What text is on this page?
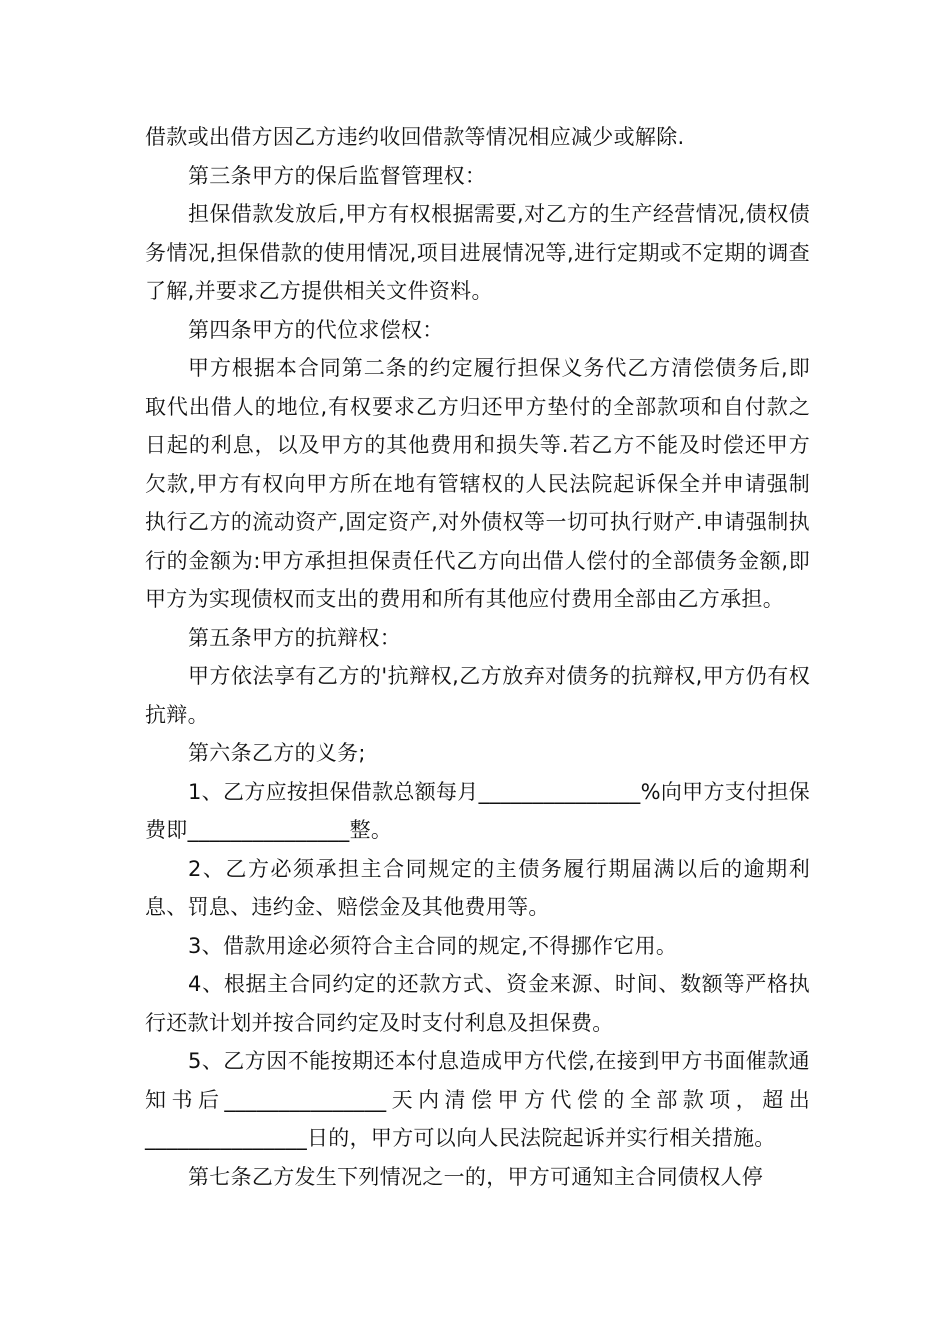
借款或出借方因乙方违约收回借款等情况相应减少或解除.

第三条甲方的保后监督管理权：

担保借款发放后,甲方有权根据需要,对乙方的生产经营情况,债权债务情况,担保借款的使用情况,项目进展情况等,进行定期或不定期的调查了解,并要求乙方提供相关文件资料。

第四条甲方的代位求偿权：

甲方根据本合同第二条的约定履行担保义务代乙方清偿债务后,即取代出借人的地位,有权要求乙方归还甲方垫付的全部款项和自付款之日起的利息，以及甲方的其他费用和损失等.若乙方不能及时偿还甲方欠款,甲方有权向甲方所在地有管辖权的人民法院起诉保全并申请强制执行乙方的流动资产,固定资产,对外债权等一切可执行财产.申请强制执行的金额为:甲方承担担保责任代乙方向出借人偿付的全部债务金额,即甲方为实现债权而支出的费用和所有其他应付费用全部由乙方承担。

第五条甲方的抗辩权：

甲方依法享有乙方的'抗辩权,乙方放弃对债务的抗辩权,甲方仍有权抗辩。

第六条乙方的义务;

1、乙方应按担保借款总额每月_______________%向甲方支付担保费即_______________整。

2、乙方必须承担主合同规定的主债务履行期届满以后的逾期利息、罚息、违约金、赔偿金及其他费用等。

3、借款用途必须符合主合同的规定,不得挪作它用。

4、根据主合同约定的还款方式、资金来源、时间、数额等严格执行还款计划并按合同约定及时支付利息及担保费。

5、乙方因不能按期还本付息造成甲方代偿,在接到甲方书面催款通知书后_______________天内清偿甲方代偿的全部款项，超出_______________日的，甲方可以向人民法院起诉并实行相关措施。

第七条乙方发生下列情况之一的，甲方可通知主合同债权人停
